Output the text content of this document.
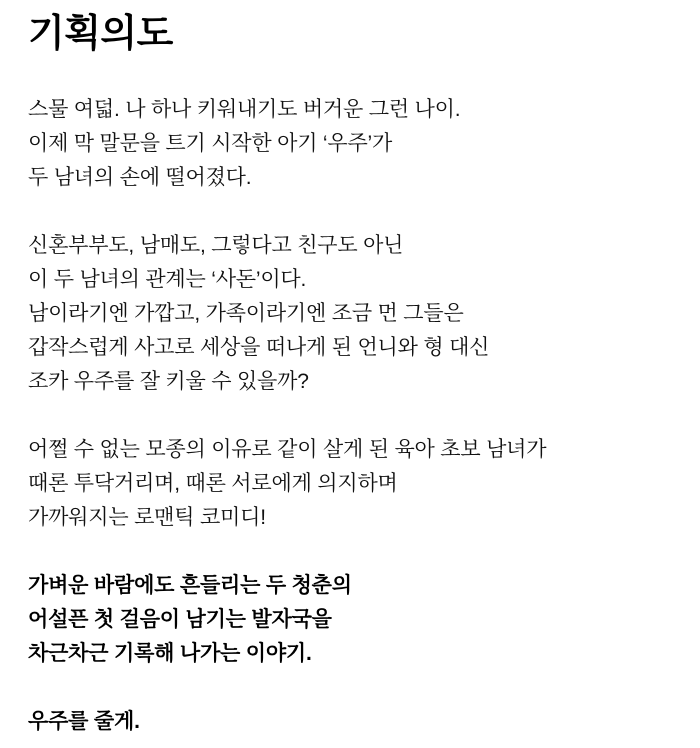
기획의도

스물 여덟. 나 하나 키워내기도 버거운 그런 나이.
이제 막 말문을 트기 시작한 아기 ‘우주’가
두 남녀의 손에 떨어졌다.

신혼부부도, 남매도, 그렇다고 친구도 아닌
이 두 남녀의 관계는 ‘사돈’이다.
남이라기엔 가깝고, 가족이라기엔 조금 먼 그들은
갑작스럽게 사고로 세상을 떠나게 된 언니와 형 대신
조카 우주를 잘 키울 수 있을까?

어쩔 수 없는 모종의 이유로 같이 살게 된 육아 초보 남녀가
때론 투닥거리며, 때론 서로에게 의지하며
가까워지는 로맨틱 코미디!

가벼운 바람에도 흔들리는 두 청춘의
어설픈 첫 걸음이 남기는 발자국을
차근차근 기록해 나가는 이야기.

우주를 줄게.
